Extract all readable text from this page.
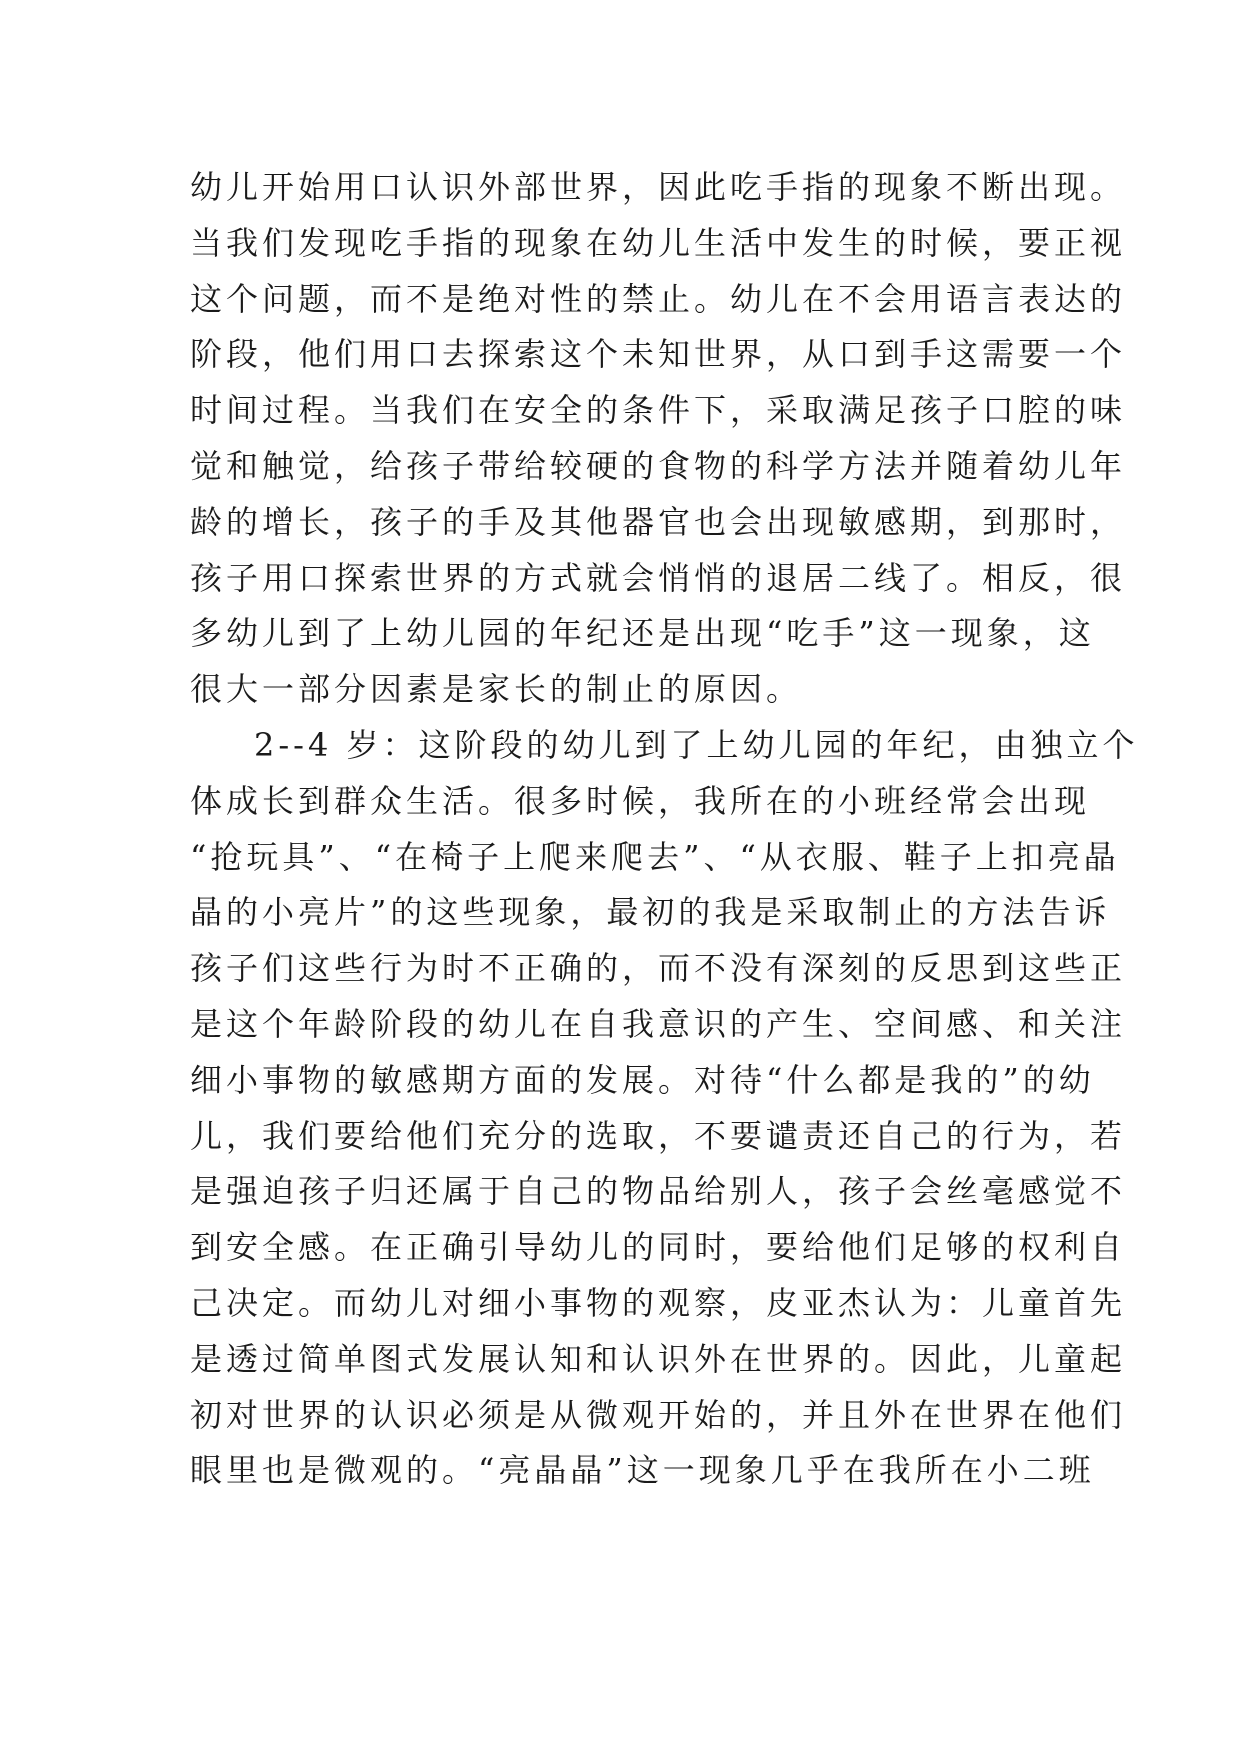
幼儿开始用口认识外部世界，因此吃手指的现象不断出现。
当我们发现吃手指的现象在幼儿生活中发生的时候，要正视
这个问题，而不是绝对性的禁止。幼儿在不会用语言表达的
阶段，他们用口去探索这个未知世界，从口到手这需要一个
时间过程。当我们在安全的条件下，采取满足孩子口腔的味
觉和触觉，给孩子带给较硬的食物的科学方法并随着幼儿年
龄的增长，孩子的手及其他器官也会出现敏感期，到那时，
孩子用口探索世界的方式就会悄悄的退居二线了。相反，很
多幼儿到了上幼儿园的年纪还是出现“吃手”这一现象，这
很大一部分因素是家长的制止的原因。
2--4 岁：这阶段的幼儿到了上幼儿园的年纪，由独立个
体成长到群众生活。很多时候，我所在的小班经常会出现
“抢玩具”、“在椅子上爬来爬去”、“从衣服、鞋子上扣亮晶
晶的小亮片”的这些现象，最初的我是采取制止的方法告诉
孩子们这些行为时不正确的，而不没有深刻的反思到这些正
是这个年龄阶段的幼儿在自我意识的产生、空间感、和关注
细小事物的敏感期方面的发展。对待“什么都是我的”的幼
儿，我们要给他们充分的选取，不要谴责还自己的行为，若
是强迫孩子归还属于自己的物品给别人，孩子会丝毫感觉不
到安全感。在正确引导幼儿的同时，要给他们足够的权利自
己决定。而幼儿对细小事物的观察，皮亚杰认为：儿童首先
是透过简单图式发展认知和认识外在世界的。因此，儿童起
初对世界的认识必须是从微观开始的，并且外在世界在他们
眼里也是微观的。“亮晶晶”这一现象几乎在我所在小二班
